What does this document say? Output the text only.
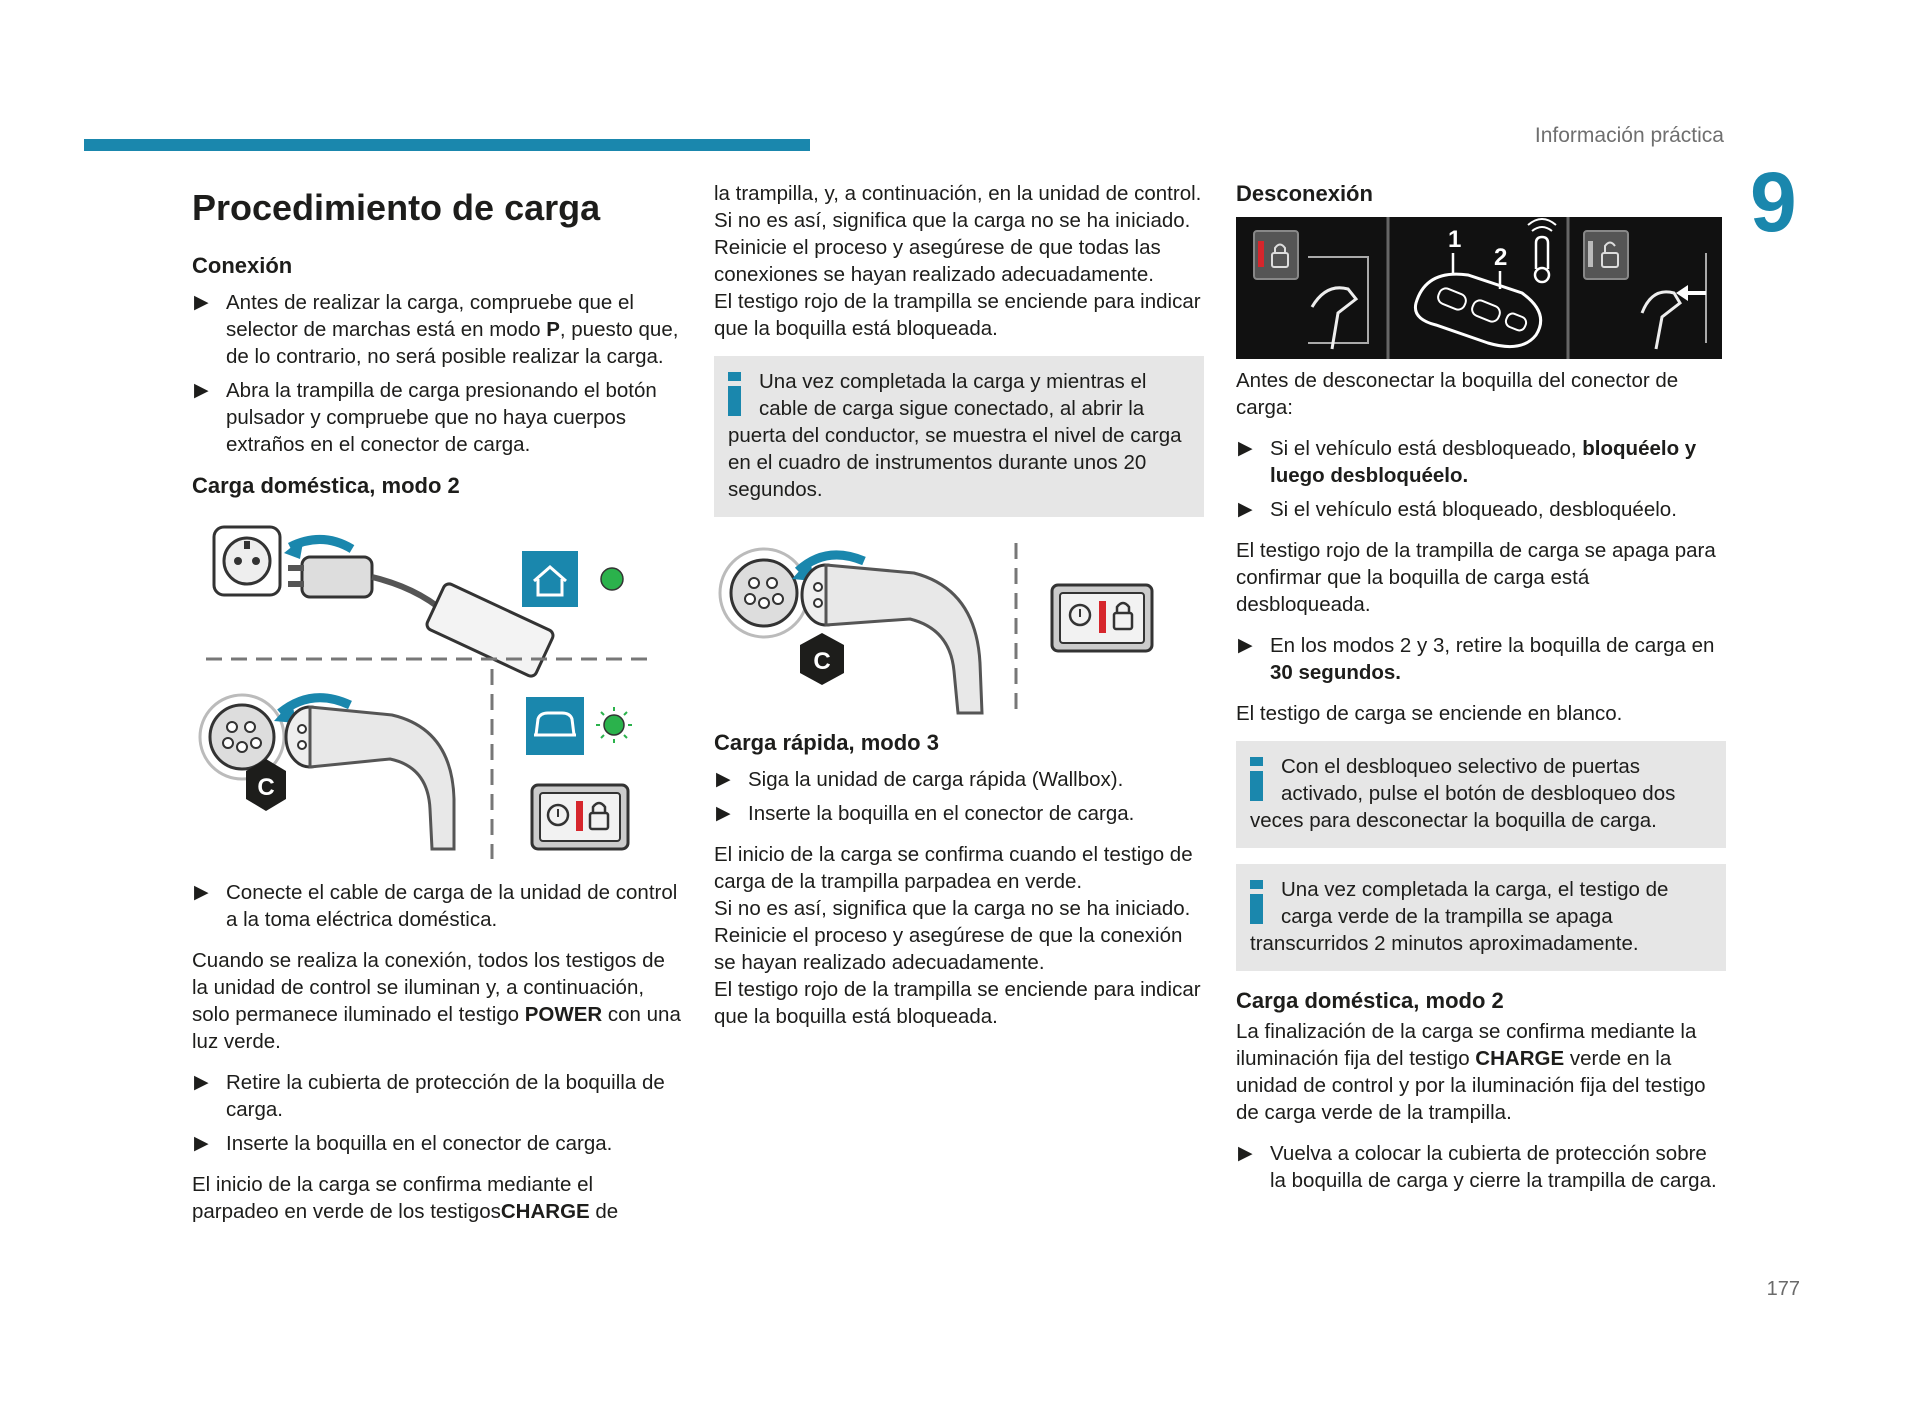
Información práctica
9
177
Procedimiento de carga
Conexión
▶ Antes de realizar la carga, compruebe que el selector de marchas está en modo P, puesto que, de lo contrario, no será posible realizar la carga.
▶ Abra la trampilla de carga presionando el botón pulsador y compruebe que no haya cuerpos extraños en el conector de carga.
Carga doméstica, modo 2
C
▶ Conecte el cable de carga de la unidad de control a la toma eléctrica doméstica.

Cuando se realiza la conexión, todos los testigos de la unidad de control se iluminan y, a continuación, solo permanece iluminado el testigo POWER con una luz verde.

▶ Retire la cubierta de protección de la boquilla de carga.
▶ Inserte la boquilla en el conector de carga.

El inicio de la carga se confirma mediante el parpadeo en verde de los testigosCHARGE de

la trampilla, y, a continuación, en la unidad de control.

Si no es así, significa que la carga no se ha iniciado. Reinicie el proceso y asegúrese de que todas las conexiones se hayan realizado adecuadamente.

El testigo rojo de la trampilla se enciende para indicar que la boquilla está bloqueada.

Una vez completada la carga y mientras el cable de carga sigue conectado, al abrir la puerta del conductor, se muestra el nivel de carga en el cuadro de instrumentos durante unos 20 segundos.
C
Carga rápida, modo 3
▶ Siga la unidad de carga rápida (Wallbox).
▶ Inserte la boquilla en el conector de carga.

El inicio de la carga se confirma cuando el testigo de carga de la trampilla parpadea en verde.

Si no es así, significa que la carga no se ha iniciado. Reinicie el proceso y asegúrese de que la conexión se hayan realizado adecuadamente.

El testigo rojo de la trampilla se enciende para indicar que la boquilla está bloqueada.

Desconexión
1
2

Antes de desconectar la boquilla del conector de carga:

▶ Si el vehículo está desbloqueado, bloquéelo y luego desbloquéelo.
▶ Si el vehículo está bloqueado, desbloquéelo.

El testigo rojo de la trampilla de carga se apaga para confirmar que la boquilla de carga está desbloqueada.

▶ En los modos 2 y 3, retire la boquilla de carga en 30 segundos.

El testigo de carga se enciende en blanco.

Con el desbloqueo selectivo de puertas activado, pulse el botón de desbloqueo dos veces para desconectar la boquilla de carga.
Una vez completada la carga, el testigo de carga verde de la trampilla se apaga transcurridos 2 minutos aproximadamente.
Carga doméstica, modo 2

La finalización de la carga se confirma mediante la iluminación fija del testigo CHARGE verde en la unidad de control y por la iluminación fija del testigo de carga verde de la trampilla.

▶ Vuelva a colocar la cubierta de protección sobre la boquilla de carga y cierre la trampilla de carga.
